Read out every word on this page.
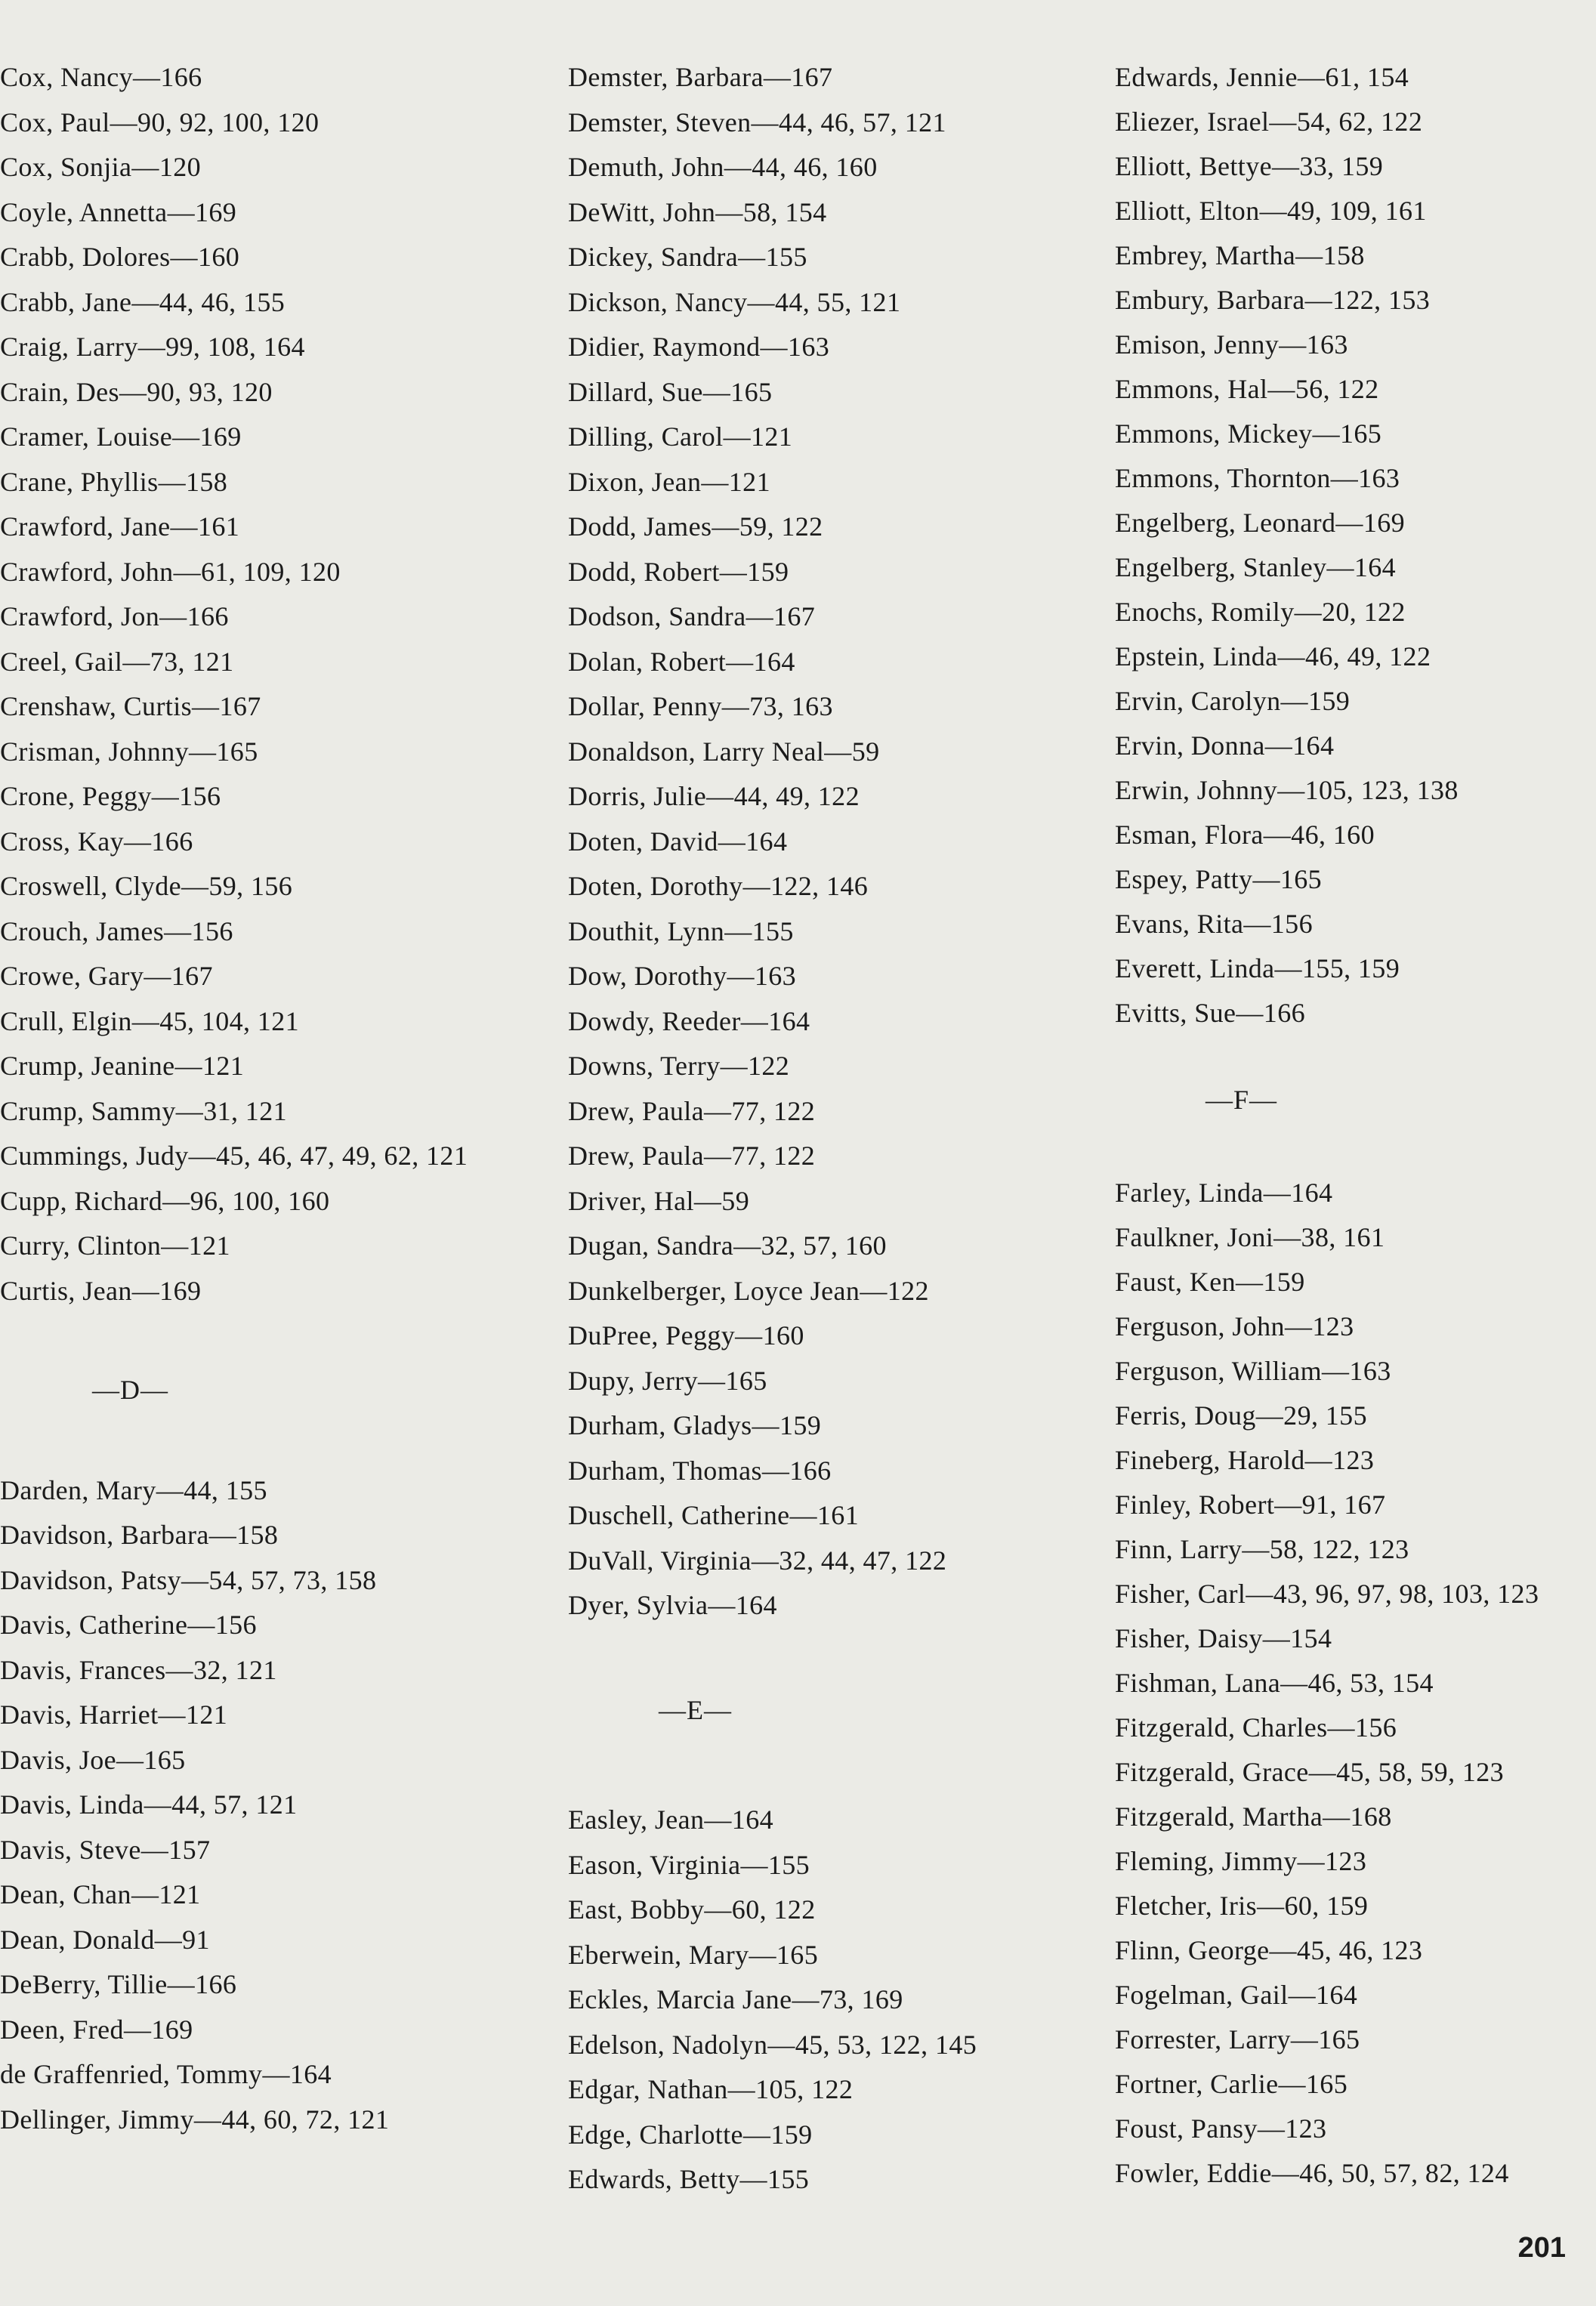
Cox, Nancy—166
Cox, Paul—90, 92, 100, 120
Cox, Sonjia—120
Coyle, Annetta—169
Crabb, Dolores—160
Crabb, Jane—44, 46, 155
Craig, Larry—99, 108, 164
Crain, Des—90, 93, 120
Cramer, Louise—169
Crane, Phyllis—158
Crawford, Jane—161
Crawford, John—61, 109, 120
Crawford, Jon—166
Creel, Gail—73, 121
Crenshaw, Curtis—167
Crisman, Johnny—165
Crone, Peggy—156
Cross, Kay—166
Croswell, Clyde—59, 156
Crouch, James—156
Crowe, Gary—167
Crull, Elgin—45, 104, 121
Crump, Jeanine—121
Crump, Sammy—31, 121
Cummings, Judy—45, 46, 47, 49, 62, 121
Cupp, Richard—96, 100, 160
Curry, Clinton—121
Curtis, Jean—169
—D—
Darden, Mary—44, 155
Davidson, Barbara—158
Davidson, Patsy—54, 57, 73, 158
Davis, Catherine—156
Davis, Frances—32, 121
Davis, Harriet—121
Davis, Joe—165
Davis, Linda—44, 57, 121
Davis, Steve—157
Dean, Chan—121
Dean, Donald—91
DeBerry, Tillie—166
Deen, Fred—169
de Graffenried, Tommy—164
Dellinger, Jimmy—44, 60, 72, 121
Demster, Barbara—167
Demster, Steven—44, 46, 57, 121
Demuth, John—44, 46, 160
DeWitt, John—58, 154
Dickey, Sandra—155
Dickson, Nancy—44, 55, 121
Didier, Raymond—163
Dillard, Sue—165
Dilling, Carol—121
Dixon, Jean—121
Dodd, James—59, 122
Dodd, Robert—159
Dodson, Sandra—167
Dolan, Robert—164
Dollar, Penny—73, 163
Donaldson, Larry Neal—59
Dorris, Julie—44, 49, 122
Doten, David—164
Doten, Dorothy—122, 146
Douthit, Lynn—155
Dow, Dorothy—163
Dowdy, Reeder—164
Downs, Terry—122
Drew, Paula—77, 122
Drew, Paula—77, 122
Driver, Hal—59
Dugan, Sandra—32, 57, 160
Dunkelberger, Loyce Jean—122
DuPree, Peggy—160
Dupy, Jerry—165
Durham, Gladys—159
Durham, Thomas—166
Duschell, Catherine—161
DuVall, Virginia—32, 44, 47, 122
Dyer, Sylvia—164
—E—
Easley, Jean—164
Eason, Virginia—155
East, Bobby—60, 122
Eberwein, Mary—165
Eckles, Marcia Jane—73, 169
Edelson, Nadolyn—45, 53, 122, 145
Edgar, Nathan—105, 122
Edge, Charlotte—159
Edwards, Betty—155
Edwards, Jennie—61, 154
Eliezer, Israel—54, 62, 122
Elliott, Bettye—33, 159
Elliott, Elton—49, 109, 161
Embrey, Martha—158
Embury, Barbara—122, 153
Emison, Jenny—163
Emmons, Hal—56, 122
Emmons, Mickey—165
Emmons, Thornton—163
Engelberg, Leonard—169
Engelberg, Stanley—164
Enochs, Romily—20, 122
Epstein, Linda—46, 49, 122
Ervin, Carolyn—159
Ervin, Donna—164
Erwin, Johnny—105, 123, 138
Esman, Flora—46, 160
Espey, Patty—165
Evans, Rita—156
Everett, Linda—155, 159
Evitts, Sue—166
—F—
Farley, Linda—164
Faulkner, Joni—38, 161
Faust, Ken—159
Ferguson, John—123
Ferguson, William—163
Ferris, Doug—29, 155
Fineberg, Harold—123
Finley, Robert—91, 167
Finn, Larry—58, 122, 123
Fisher, Carl—43, 96, 97, 98, 103, 123
Fisher, Daisy—154
Fishman, Lana—46, 53, 154
Fitzgerald, Charles—156
Fitzgerald, Grace—45, 58, 59, 123
Fitzgerald, Martha—168
Fleming, Jimmy—123
Fletcher, Iris—60, 159
Flinn, George—45, 46, 123
Fogelman, Gail—164
Forrester, Larry—165
Fortner, Carlie—165
Foust, Pansy—123
Fowler, Eddie—46, 50, 57, 82, 124
201
